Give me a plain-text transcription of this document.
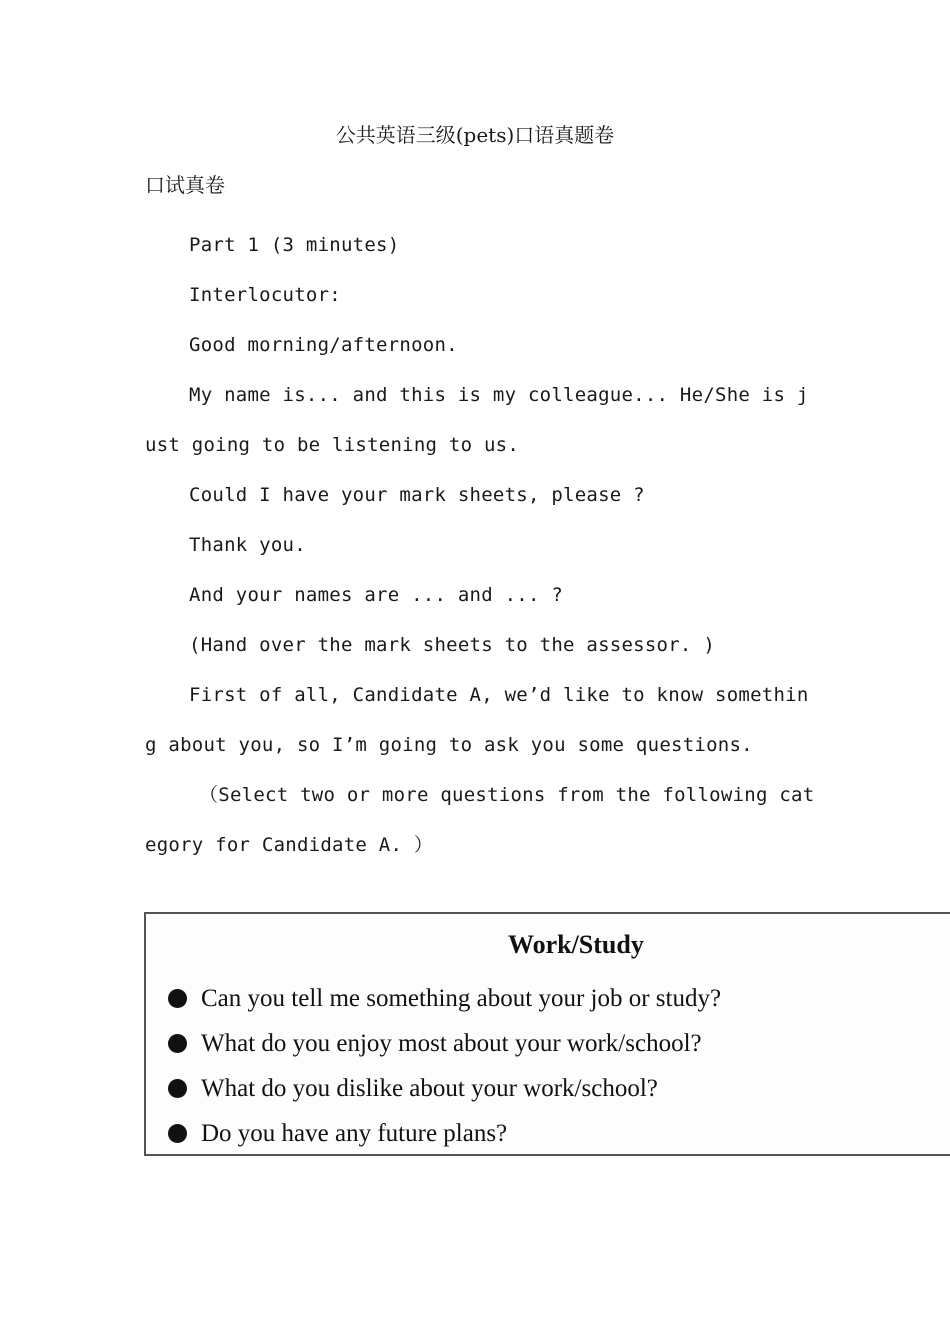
公共英语三级(pets)口语真题卷
口试真卷

Part 1 (3 minutes)

Interlocutor:

Good morning/afternoon.

My name is... and this is my colleague... He/She is just going to be listening to us.

Could I have your mark sheets, please ?

Thank you.

And your names are ... and ... ?

(Hand over the mark sheets to the assessor. )

First of all, Candidate A, we’d like to know something about you, so I’m going to ask you some questions.

（Select two or more questions from the following category for Candidate A. ）

Work/Study
Can you tell me something about your job or study?
What do you enjoy most about your work/school?
What do you dislike about your work/school?
Do you have any future plans?
